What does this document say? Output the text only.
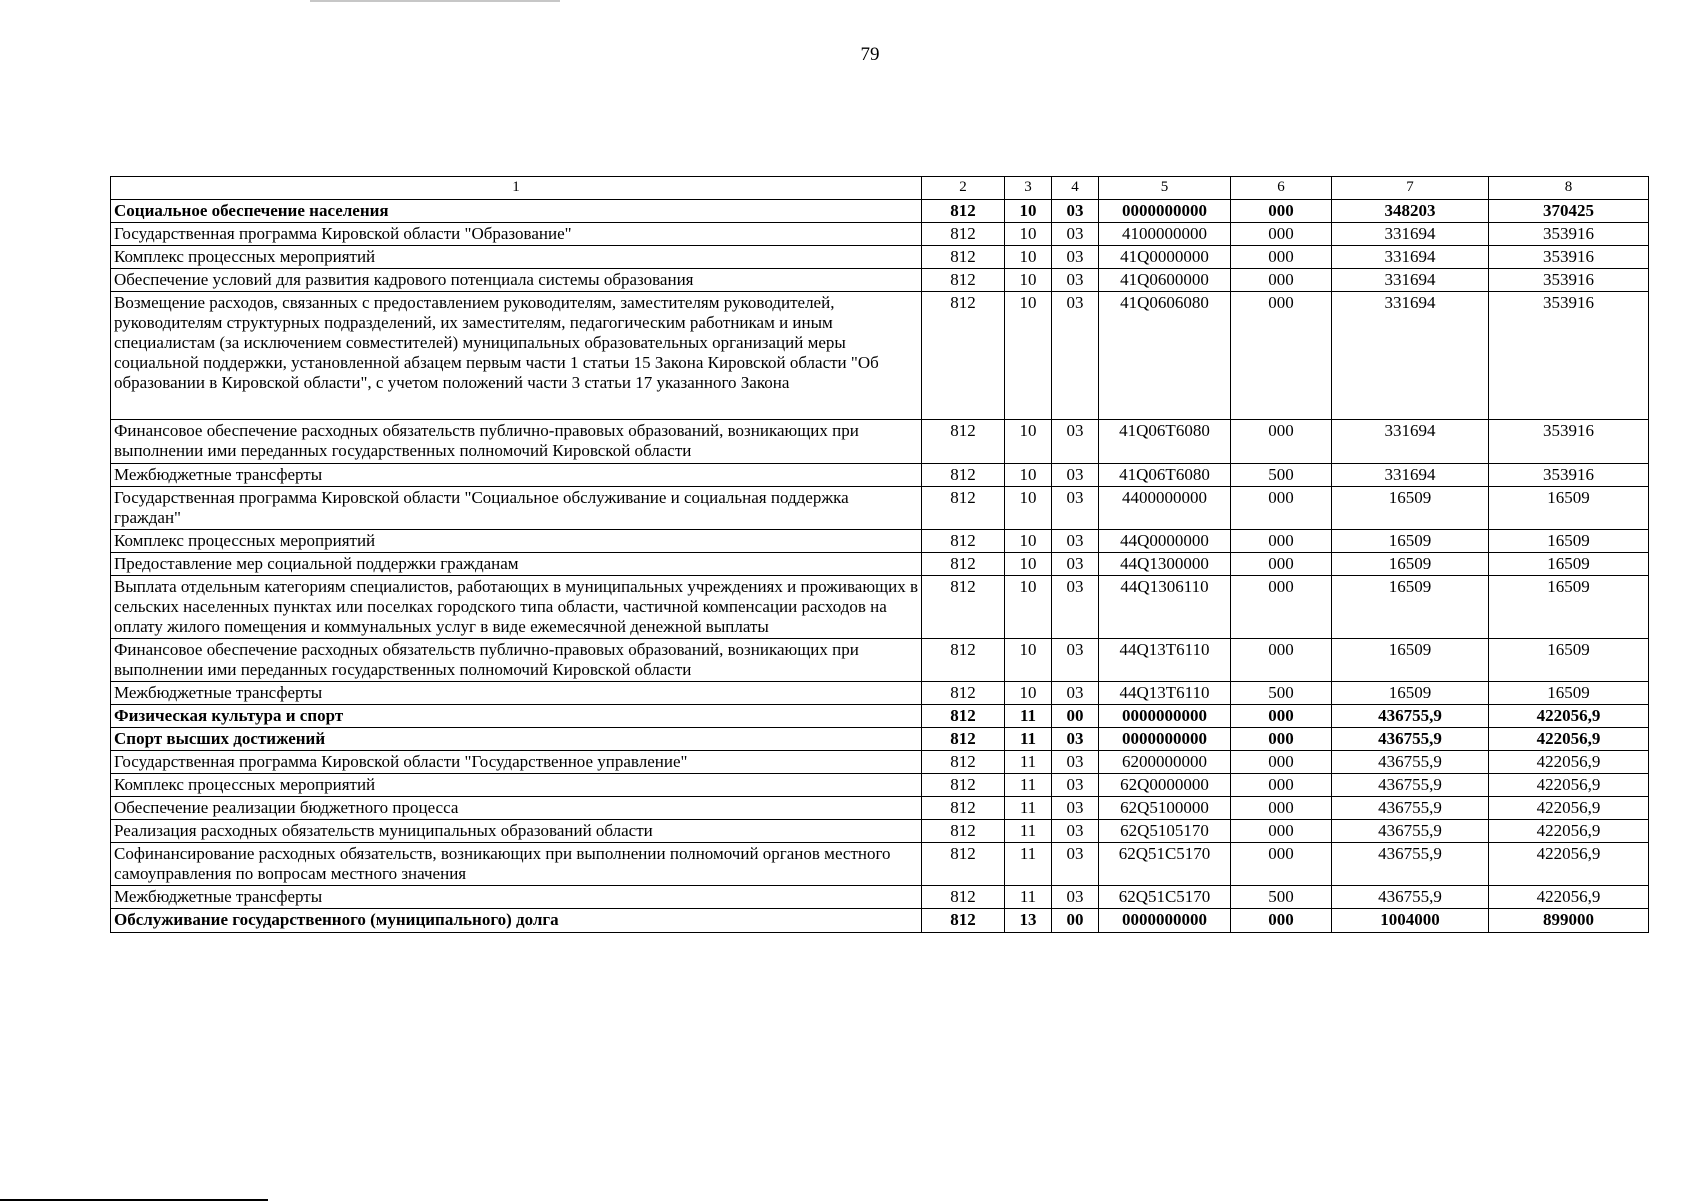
79
1	2	3	4	5	6	7	8
Социальное обеспечение населения	812	10	03	0000000000	000	348203	370425
Государственная программа Кировской области "Образование"	812	10	03	4100000000	000	331694	353916
Комплекс процессных мероприятий	812	10	03	41Q0000000	000	331694	353916
Обеспечение условий для развития кадрового потенциала системы образования	812	10	03	41Q0600000	000	331694	353916
Возмещение расходов, связанных с предоставлением руководителям, заместителям руководителей, руководителям структурных подразделений, их заместителям, педагогическим работникам и иным специалистам (за исключением совместителей) муниципальных образовательных организаций меры социальной поддержки, установленной абзацем первым части 1 статьи 15 Закона Кировской области "Об образовании в Кировской области", с учетом положений части 3 статьи 17 указанного Закона	812	10	03	41Q0606080	000	331694	353916
Финансовое обеспечение расходных обязательств публично-правовых образований, возникающих при выполнении ими переданных государственных полномочий Кировской области	812	10	03	41Q06T6080	000	331694	353916
Межбюджетные трансферты	812	10	03	41Q06T6080	500	331694	353916
Государственная программа Кировской области "Социальное обслуживание и социальная поддержка граждан"	812	10	03	4400000000	000	16509	16509
Комплекс процессных мероприятий	812	10	03	44Q0000000	000	16509	16509
Предоставление мер социальной поддержки гражданам	812	10	03	44Q1300000	000	16509	16509
Выплата отдельным категориям специалистов, работающих в муниципальных учреждениях и проживающих в сельских населенных пунктах или поселках городского типа области, частичной компенсации расходов на оплату жилого помещения и коммунальных услуг в виде ежемесячной денежной выплаты	812	10	03	44Q1306110	000	16509	16509
Финансовое обеспечение расходных обязательств публично-правовых образований, возникающих при выполнении ими переданных государственных полномочий Кировской области	812	10	03	44Q13T6110	000	16509	16509
Межбюджетные трансферты	812	10	03	44Q13T6110	500	16509	16509
Физическая культура и спорт	812	11	00	0000000000	000	436755,9	422056,9
Спорт высших достижений	812	11	03	0000000000	000	436755,9	422056,9
Государственная программа Кировской области "Государственное управление"	812	11	03	6200000000	000	436755,9	422056,9
Комплекс процессных мероприятий	812	11	03	62Q0000000	000	436755,9	422056,9
Обеспечение реализации бюджетного процесса	812	11	03	62Q5100000	000	436755,9	422056,9
Реализация расходных обязательств муниципальных образований области	812	11	03	62Q5105170	000	436755,9	422056,9
Софинансирование расходных обязательств, возникающих при выполнении полномочий органов местного самоуправления по вопросам местного значения	812	11	03	62Q51C5170	000	436755,9	422056,9
Межбюджетные трансферты	812	11	03	62Q51C5170	500	436755,9	422056,9
Обслуживание государственного (муниципального) долга	812	13	00	0000000000	000	1004000	899000
